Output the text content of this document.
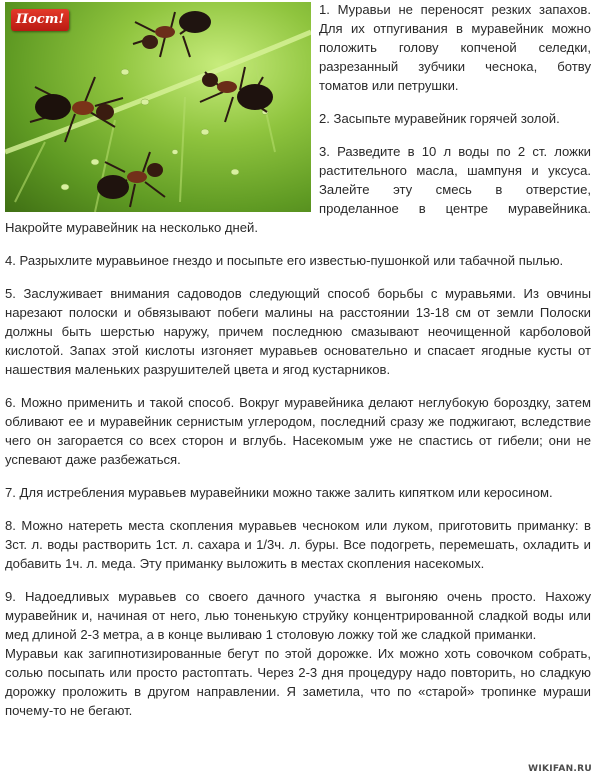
Пост!

1. Муравьи не переносят резких запахов. Для их отпугивания в муравейник можно положить голову копченой селедки, разрезанный зубчики чеснока, ботву томатов или петрушки.

2. Засыпьте муравейник горячей золой.

3. Разведите в 10 л воды по 2 ст. ложки растительного масла, шампуня и уксуса. Залейте эту смесь в отверстие, проделанное в центре муравейника. Накройте муравейник на несколько дней.

4. Разрыхлите муравьиное гнездо и посыпьте его известью-пушонкой или табачной пылью.

5. Заслуживает внимания садоводов следующий способ борьбы с муравьями. Из овчины нарезают полоски и обвязывают побеги малины на расстоянии 13-18 см от земли Полоски должны быть шерстью наружу, причем последнюю смазывают неочищенной карболовой кислотой. Запах этой кислоты изгоняет муравьев основательно и спасает ягодные кусты от нашествия маленьких разрушителей цвета и ягод кустарников.

6. Можно применить и такой способ. Вокруг муравейника делают неглубокую бороздку, затем обливают ее и муравейник сернистым углеродом, последний сразу же поджигают, вследствие чего он загорается со всех сторон и вглубь. Насекомым уже не спастись от гибели; они не успевают даже разбежаться.

7. Для истребления муравьев муравейники можно также залить кипятком или керосином.

8. Можно натереть места скопления муравьев чесноком или луком, приготовить приманку: в 3ст. л. воды растворить 1ст. л. сахара и 1/3ч. л. буры. Все подогреть, перемешать, охладить и добавить 1ч. л. меда. Эту приманку выложить в местах скопления насекомых.

9. Надоедливых муравьев со своего дачного участка я выгоняю очень просто. Нахожу муравейник и, начиная от него, лью тоненькую струйку концентрированной сладкой воды или мед длиной 2-3 метра, а в конце выливаю 1 столовую ложку той же сладкой приманки.

Муравьи как загипнотизированные бегут по этой дорожке. Их можно хоть совочком собрать, солью посыпать или просто растоптать. Через 2-3 дня процедуру надо повторить, но сладкую дорожку проложить в другом направлении. Я заметила, что по «старой» тропинке мураши почему-то не бегают.

WIKIFAN.RU
